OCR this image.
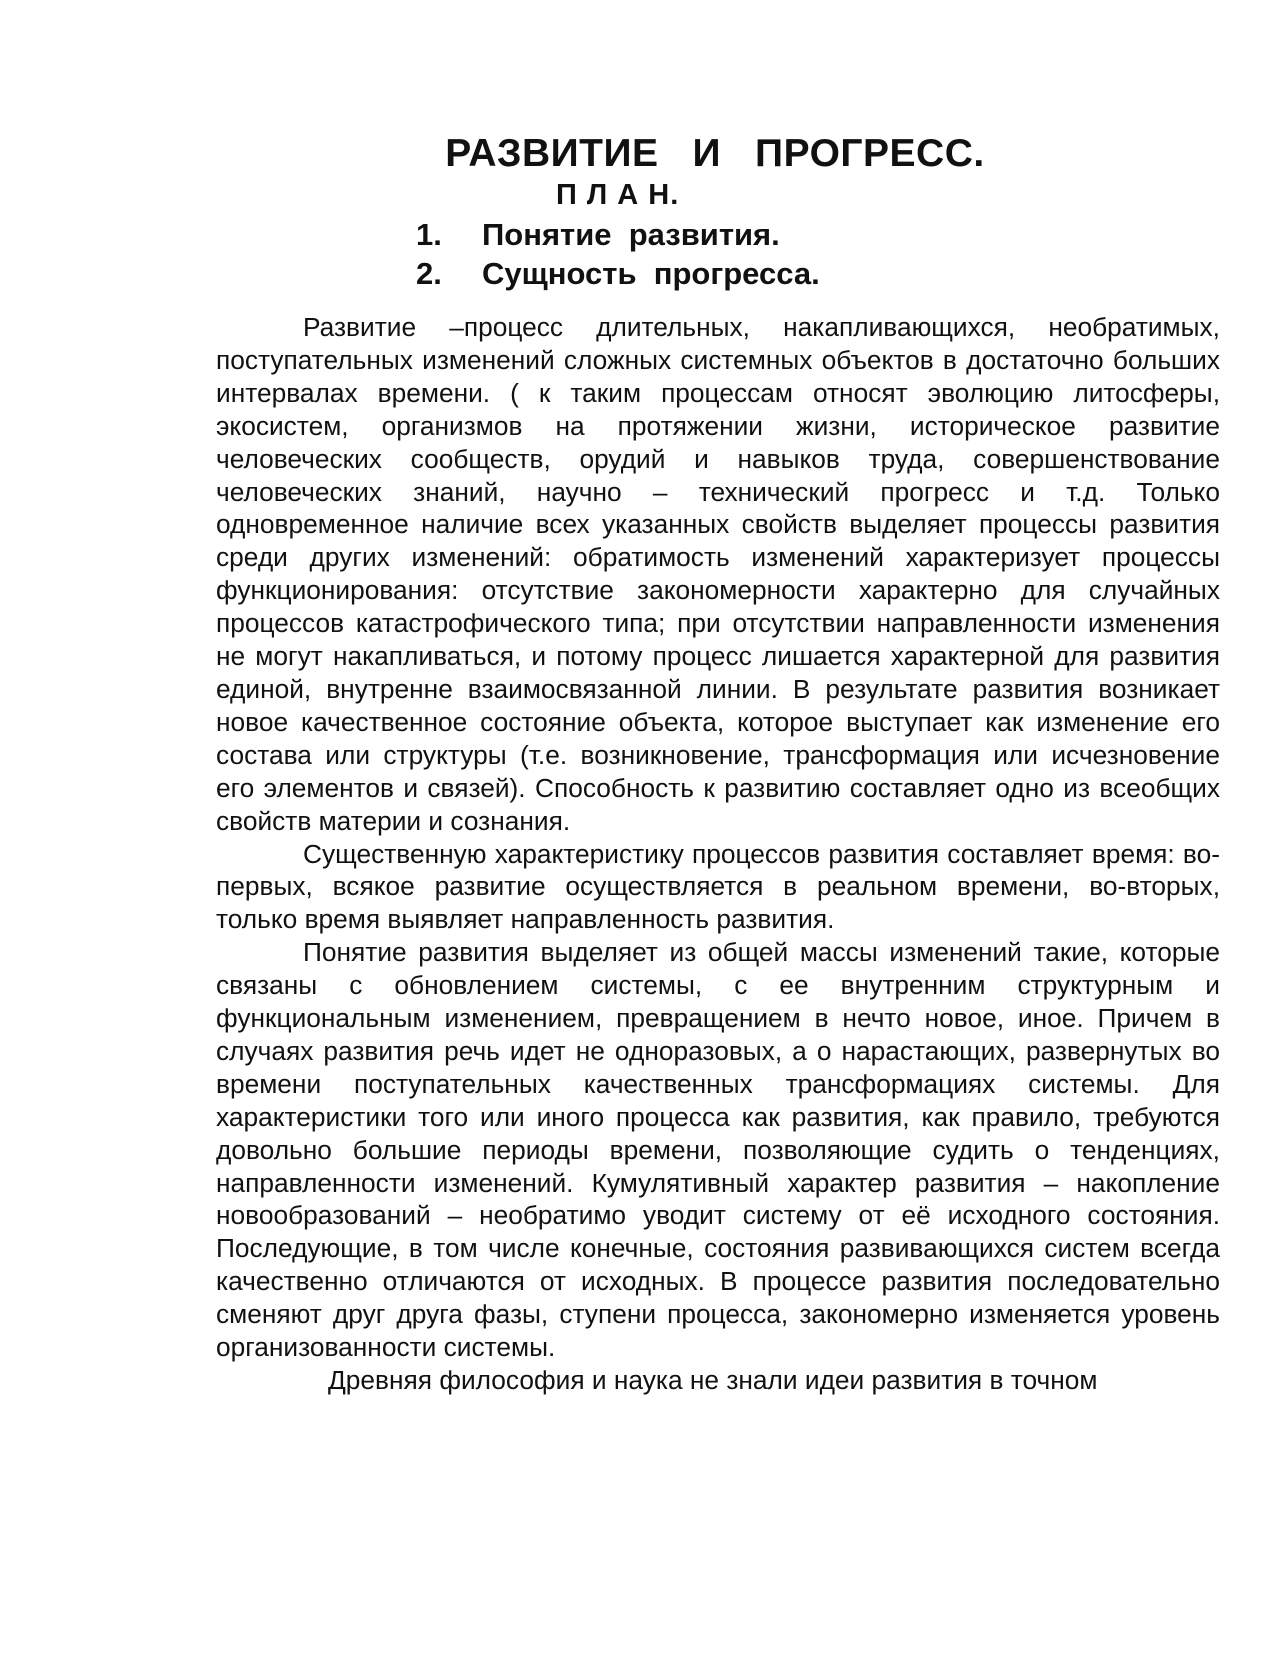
РАЗВИТИЕ   И   ПРОГРЕСС.
П Л А Н.
1.	Понятие  развития.
2.	Сущность  прогресса.

Развитие –процесс длительных, накапливающихся, необратимых, поступательных изменений сложных системных объектов в достаточно больших интервалах времени. ( к таким процессам относят эволюцию литосферы, экосистем, организмов на протяжении жизни, историческое развитие человеческих сообществ, орудий и навыков труда, совершенствование человеческих знаний, научно – технический прогресс и т.д. Только одновременное наличие всех указанных свойств выделяет процессы развития среди других изменений: обратимость изменений характеризует процессы функционирования: отсутствие закономерности характерно для случайных процессов катастрофического типа; при отсутствии направленности изменения не могут накапливаться, и потому процесс лишается характерной для развития единой, внутренне взаимосвязанной линии. В результате развития возникает новое качественное состояние объекта, которое выступает как изменение его состава или структуры (т.е. возникновение, трансформация или исчезновение его элементов и связей). Способность к развитию составляет одно из всеобщих свойств материи и сознания.

Существенную характеристику процессов развития составляет время: во-первых, всякое развитие осуществляется в реальном времени, во-вторых, только время выявляет направленность развития.

Понятие развития выделяет из общей массы изменений такие, которые связаны с обновлением системы, с ее внутренним структурным и функциональным изменением, превращением в нечто новое, иное. Причем в случаях развития речь идет не одноразовых, а о нарастающих, развернутых во времени поступательных качественных трансформациях системы. Для характеристики того или иного процесса как развития, как правило, требуются довольно большие периоды времени, позволяющие судить о тенденциях, направленности изменений. Кумулятивный характер развития – накопление новообразований – необратимо уводит систему от её исходного состояния. Последующие, в том числе конечные, состояния развивающихся систем всегда качественно отличаются от исходных. В процессе развития последовательно сменяют друг друга фазы, ступени процесса, закономерно изменяется уровень организованности системы.

Древняя философия и наука не знали идеи развития в точном
